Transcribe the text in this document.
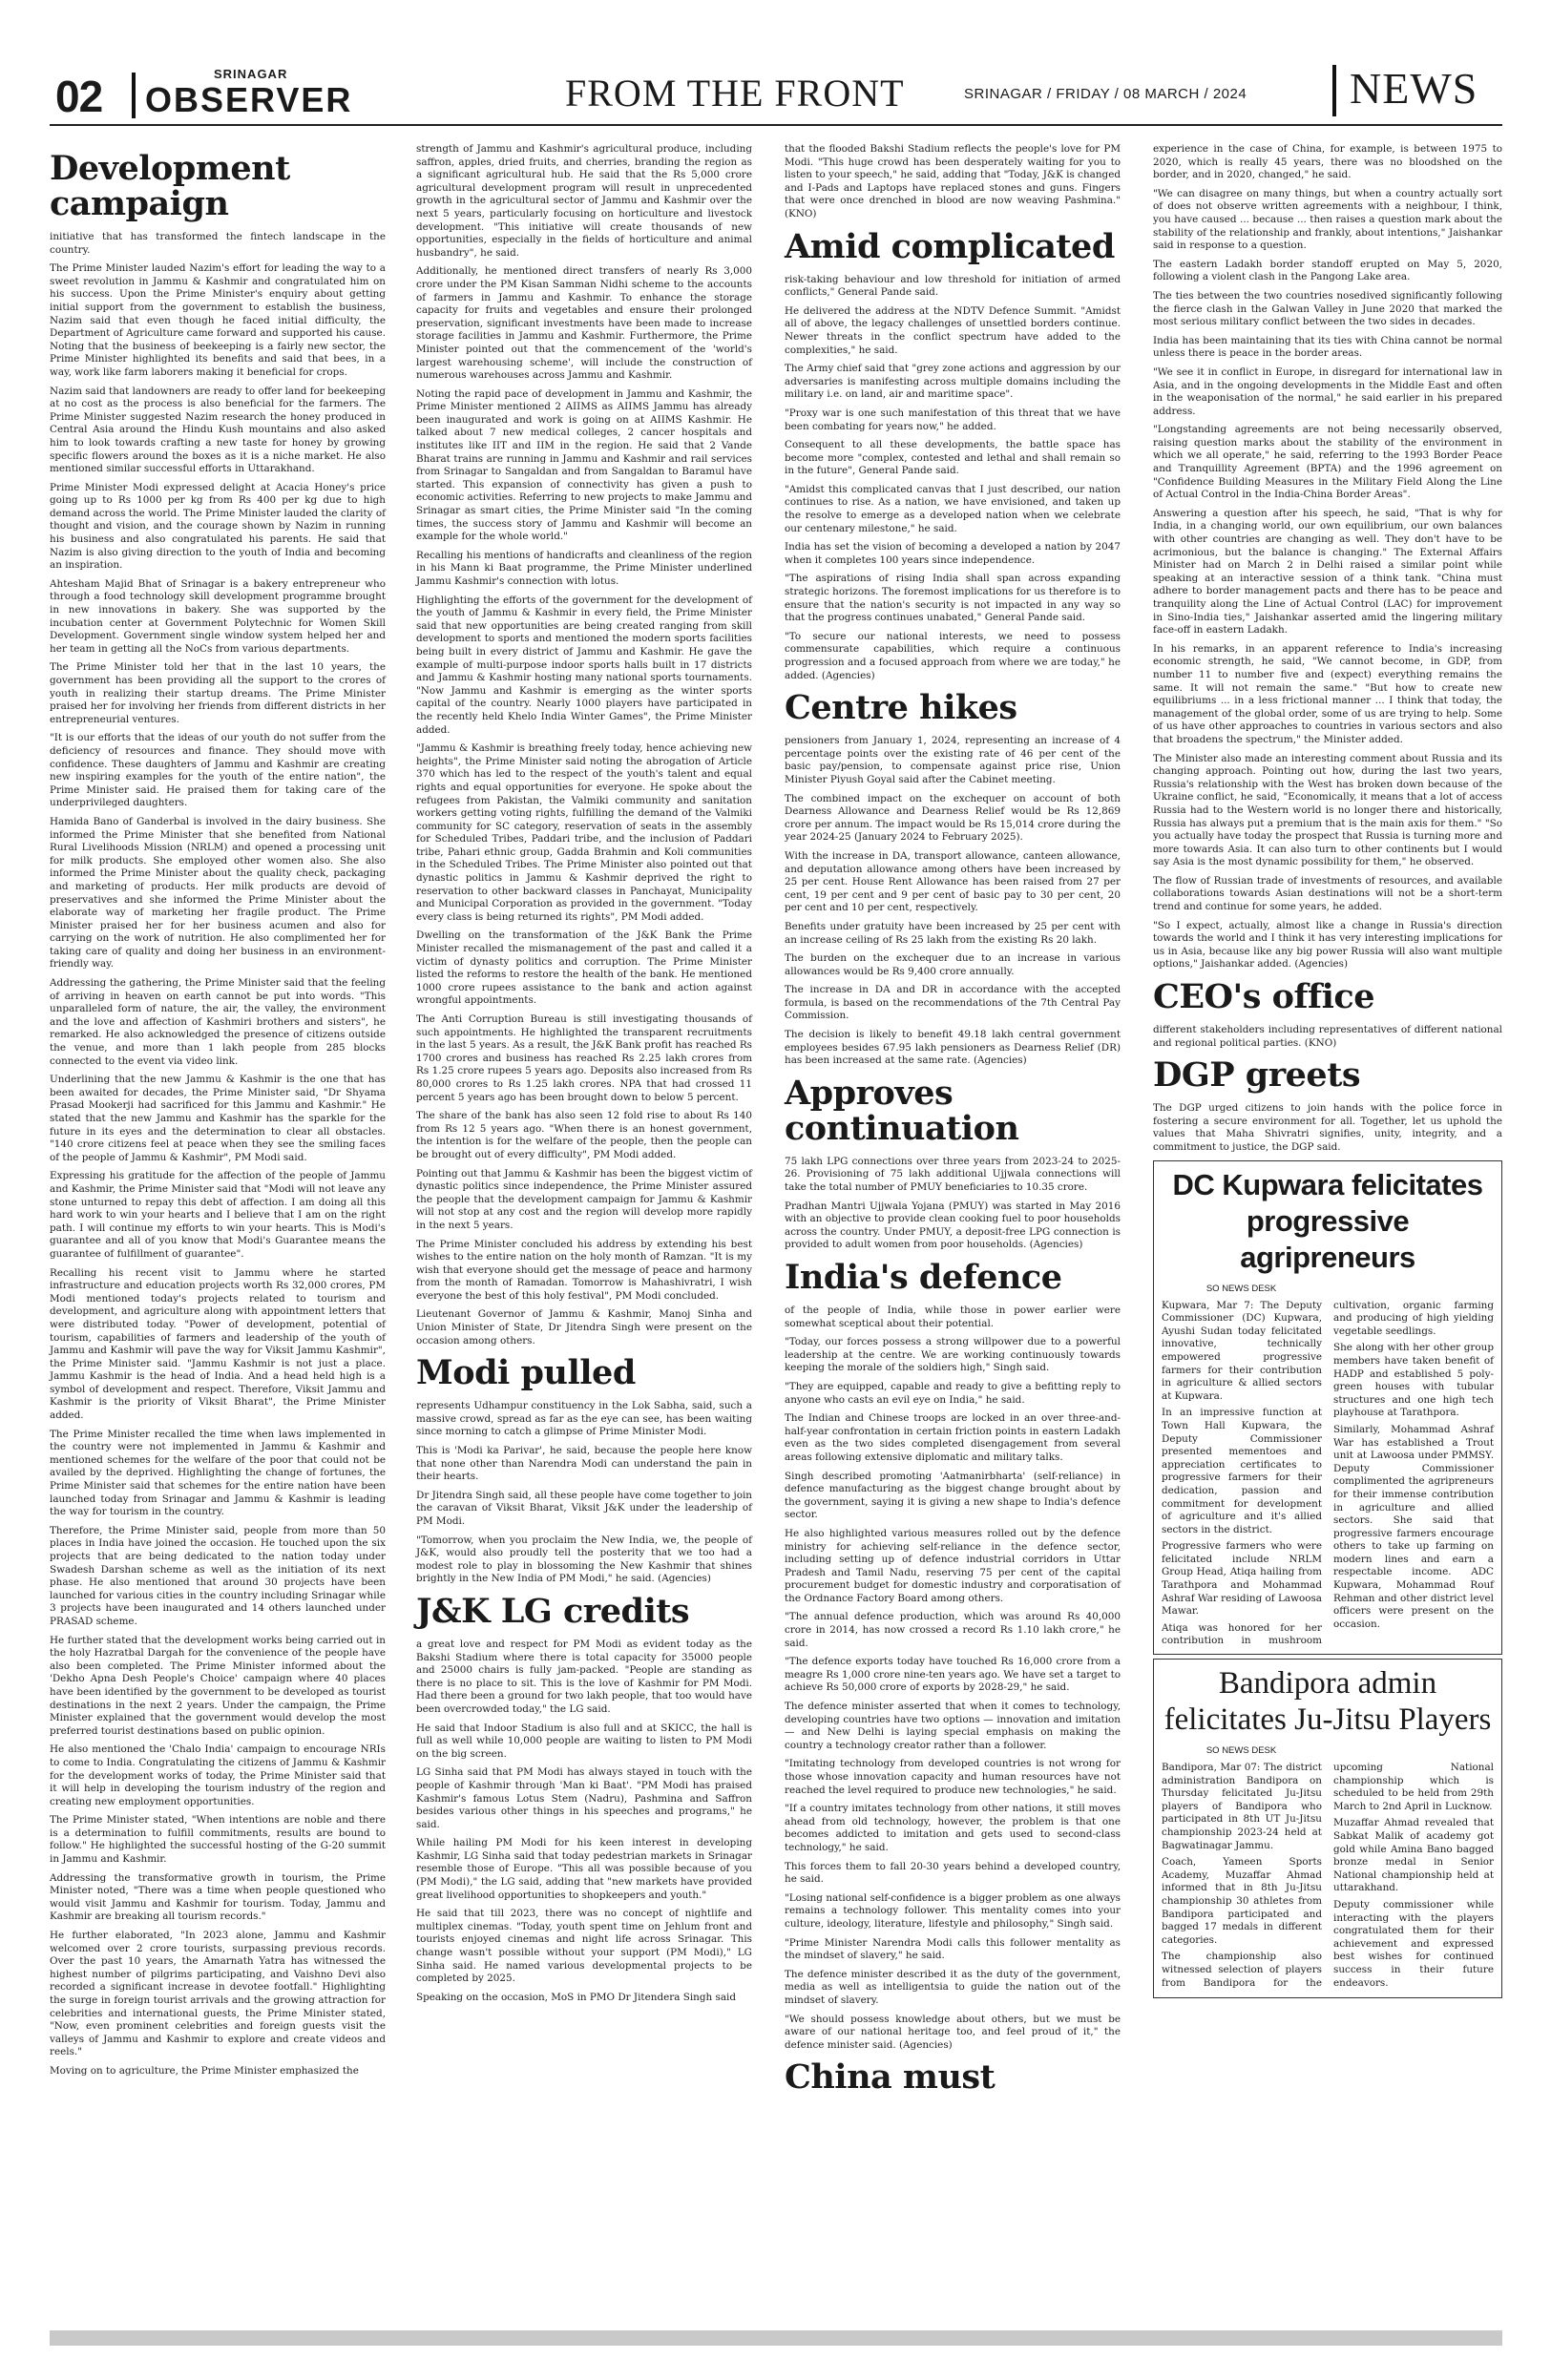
02	SRINAGAR
OBSERVER	FROM THE FRONT	SRINAGAR / FRIDAY / 08 MARCH / 2024 NEWS
Development campaign

initiative that has transformed the fintech landscape in the country.

The Prime Minister lauded Nazim's effort for leading the way to a sweet revolution in Jammu & Kashmir and congratulated him on his success. Upon the Prime Minister's enquiry about getting initial support from the government to establish the business, Nazim said that even though he faced initial difficulty, the Department of Agriculture came forward and supported his cause. Noting that the business of beekeeping is a fairly new sector, the Prime Minister highlighted its benefits and said that bees, in a way, work like farm laborers making it beneficial for crops.

Nazim said that landowners are ready to offer land for beekeeping at no cost as the process is also beneficial for the farmers. The Prime Minister suggested Nazim research the honey produced in Central Asia around the Hindu Kush mountains and also asked him to look towards crafting a new taste for honey by growing specific flowers around the boxes as it is a niche market. He also mentioned similar successful efforts in Uttarakhand.

Prime Minister Modi expressed delight at Acacia Honey's price going up to Rs 1000 per kg from Rs 400 per kg due to high demand across the world. The Prime Minister lauded the clarity of thought and vision, and the courage shown by Nazim in running his business and also congratulated his parents. He said that Nazim is also giving direction to the youth of India and becoming an inspiration.

Ahtesham Majid Bhat of Srinagar is a bakery entrepreneur who through a food technology skill development programme brought in new innovations in bakery. She was supported by the incubation center at Government Polytechnic for Women Skill Development. Government single window system helped her and her team in getting all the NoCs from various departments.

The Prime Minister told her that in the last 10 years, the government has been providing all the support to the crores of youth in realizing their startup dreams. The Prime Minister praised her for involving her friends from different districts in her entrepreneurial ventures.

"It is our efforts that the ideas of our youth do not suffer from the deficiency of resources and finance. They should move with confidence. These daughters of Jammu and Kashmir are creating new inspiring examples for the youth of the entire nation", the Prime Minister said. He praised them for taking care of the underprivileged daughters.

Hamida Bano of Ganderbal is involved in the dairy business. She informed the Prime Minister that she benefited from National Rural Livelihoods Mission (NRLM) and opened a processing unit for milk products. She employed other women also. She also informed the Prime Minister about the quality check, packaging and marketing of products. Her milk products are devoid of preservatives and she informed the Prime Minister about the elaborate way of marketing her fragile product. The Prime Minister praised her for her business acumen and also for carrying on the work of nutrition. He also complimented her for taking care of quality and doing her business in an environment-friendly way.

Addressing the gathering, the Prime Minister said that the feeling of arriving in heaven on earth cannot be put into words. "This unparalleled form of nature, the air, the valley, the environment and the love and affection of Kashmiri brothers and sisters", he remarked. He also acknowledged the presence of citizens outside the venue, and more than 1 lakh people from 285 blocks connected to the event via video link.

Underlining that the new Jammu & Kashmir is the one that has been awaited for decades, the Prime Minister said, "Dr Shyama Prasad Mookerji had sacrificed for this Jammu and Kashmir." He stated that the new Jammu and Kashmir has the sparkle for the future in its eyes and the determination to clear all obstacles. "140 crore citizens feel at peace when they see the smiling faces of the people of Jammu & Kashmir", PM Modi said.

Expressing his gratitude for the affection of the people of Jammu and Kashmir, the Prime Minister said that "Modi will not leave any stone unturned to repay this debt of affection. I am doing all this hard work to win your hearts and I believe that I am on the right path. I will continue my efforts to win your hearts. This is Modi's guarantee and all of you know that Modi's Guarantee means the guarantee of fulfillment of guarantee".

Recalling his recent visit to Jammu where he started infrastructure and education projects worth Rs 32,000 crores, PM Modi mentioned today's projects related to tourism and development, and agriculture along with appointment letters that were distributed today. "Power of development, potential of tourism, capabilities of farmers and leadership of the youth of Jammu and Kashmir will pave the way for Viksit Jammu Kashmir", the Prime Minister said. "Jammu Kashmir is not just a place. Jammu Kashmir is the head of India. And a head held high is a symbol of development and respect. Therefore, Viksit Jammu and Kashmir is the priority of Viksit Bharat", the Prime Minister added.

The Prime Minister recalled the time when laws implemented in the country were not implemented in Jammu & Kashmir and mentioned schemes for the welfare of the poor that could not be availed by the deprived. Highlighting the change of fortunes, the Prime Minister said that schemes for the entire nation have been launched today from Srinagar and Jammu & Kashmir is leading the way for tourism in the country.

Therefore, the Prime Minister said, people from more than 50 places in India have joined the occasion. He touched upon the six projects that are being dedicated to the nation today under Swadesh Darshan scheme as well as the initiation of its next phase. He also mentioned that around 30 projects have been launched for various cities in the country including Srinagar while 3 projects have been inaugurated and 14 others launched under PRASAD scheme.

He further stated that the development works being carried out in the holy Hazratbal Dargah for the convenience of the people have also been completed. The Prime Minister informed about the 'Dekho Apna Desh People's Choice' campaign where 40 places have been identified by the government to be developed as tourist destinations in the next 2 years. Under the campaign, the Prime Minister explained that the government would develop the most preferred tourist destinations based on public opinion.

He also mentioned the 'Chalo India' campaign to encourage NRIs to come to India. Congratulating the citizens of Jammu & Kashmir for the development works of today, the Prime Minister said that it will help in developing the tourism industry of the region and creating new employment opportunities.

The Prime Minister stated, "When intentions are noble and there is a determination to fulfill commitments, results are bound to follow." He highlighted the successful hosting of the G-20 summit in Jammu and Kashmir.

Addressing the transformative growth in tourism, the Prime Minister noted, "There was a time when people questioned who would visit Jammu and Kashmir for tourism. Today, Jammu and Kashmir are breaking all tourism records."

He further elaborated, "In 2023 alone, Jammu and Kashmir welcomed over 2 crore tourists, surpassing previous records. Over the past 10 years, the Amarnath Yatra has witnessed the highest number of pilgrims participating, and Vaishno Devi also recorded a significant increase in devotee footfall." Highlighting the surge in foreign tourist arrivals and the growing attraction for celebrities and international guests, the Prime Minister stated, "Now, even prominent celebrities and foreign guests visit the valleys of Jammu and Kashmir to explore and create videos and reels."

Moving on to agriculture, the Prime Minister emphasized the

strength of Jammu and Kashmir's agricultural produce, including saffron, apples, dried fruits, and cherries, branding the region as a significant agricultural hub. He said that the Rs 5,000 crore agricultural development program will result in unprecedented growth in the agricultural sector of Jammu and Kashmir over the next 5 years, particularly focusing on horticulture and livestock development. "This initiative will create thousands of new opportunities, especially in the fields of horticulture and animal husbandry", he said.

Additionally, he mentioned direct transfers of nearly Rs 3,000 crore under the PM Kisan Samman Nidhi scheme to the accounts of farmers in Jammu and Kashmir. To enhance the storage capacity for fruits and vegetables and ensure their prolonged preservation, significant investments have been made to increase storage facilities in Jammu and Kashmir. Furthermore, the Prime Minister pointed out that the commencement of the 'world's largest warehousing scheme', will include the construction of numerous warehouses across Jammu and Kashmir.

Noting the rapid pace of development in Jammu and Kashmir, the Prime Minister mentioned 2 AIIMS as AIIMS Jammu has already been inaugurated and work is going on at AIIMS Kashmir. He talked about 7 new medical colleges, 2 cancer hospitals and institutes like IIT and IIM in the region. He said that 2 Vande Bharat trains are running in Jammu and Kashmir and rail services from Srinagar to Sangaldan and from Sangaldan to Baramul have started. This expansion of connectivity has given a push to economic activities. Referring to new projects to make Jammu and Srinagar as smart cities, the Prime Minister said "In the coming times, the success story of Jammu and Kashmir will become an example for the whole world."

Recalling his mentions of handicrafts and cleanliness of the region in his Mann ki Baat programme, the Prime Minister underlined Jammu Kashmir's connection with lotus.

Highlighting the efforts of the government for the development of the youth of Jammu & Kashmir in every field, the Prime Minister said that new opportunities are being created ranging from skill development to sports and mentioned the modern sports facilities being built in every district of Jammu and Kashmir. He gave the example of multi-purpose indoor sports halls built in 17 districts and Jammu & Kashmir hosting many national sports tournaments. "Now Jammu and Kashmir is emerging as the winter sports capital of the country. Nearly 1000 players have participated in the recently held Khelo India Winter Games", the Prime Minister added.

"Jammu & Kashmir is breathing freely today, hence achieving new heights", the Prime Minister said noting the abrogation of Article 370 which has led to the respect of the youth's talent and equal rights and equal opportunities for everyone. He spoke about the refugees from Pakistan, the Valmiki community and sanitation workers getting voting rights, fulfilling the demand of the Valmiki community for SC category, reservation of seats in the assembly for Scheduled Tribes, Paddari tribe, and the inclusion of Paddari tribe, Pahari ethnic group, Gadda Brahmin and Koli communities in the Scheduled Tribes. The Prime Minister also pointed out that dynastic politics in Jammu & Kashmir deprived the right to reservation to other backward classes in Panchayat, Municipality and Municipal Corporation as provided in the government. "Today every class is being returned its rights", PM Modi added.

Dwelling on the transformation of the J&K Bank the Prime Minister recalled the mismanagement of the past and called it a victim of dynasty politics and corruption. The Prime Minister listed the reforms to restore the health of the bank. He mentioned 1000 crore rupees assistance to the bank and action against wrongful appointments.

The Anti Corruption Bureau is still investigating thousands of such appointments. He highlighted the transparent recruitments in the last 5 years. As a result, the J&K Bank profit has reached Rs 1700 crores and business has reached Rs 2.25 lakh crores from Rs 1.25 crore rupees 5 years ago. Deposits also increased from Rs 80,000 crores to Rs 1.25 lakh crores. NPA that had crossed 11 percent 5 years ago has been brought down to below 5 percent.

The share of the bank has also seen 12 fold rise to about Rs 140 from Rs 12 5 years ago. "When there is an honest government, the intention is for the welfare of the people, then the people can be brought out of every difficulty", PM Modi added.

Pointing out that Jammu & Kashmir has been the biggest victim of dynastic politics since independence, the Prime Minister assured the people that the development campaign for Jammu & Kashmir will not stop at any cost and the region will develop more rapidly in the next 5 years.

The Prime Minister concluded his address by extending his best wishes to the entire nation on the holy month of Ramzan. "It is my wish that everyone should get the message of peace and harmony from the month of Ramadan. Tomorrow is Mahashivratri, I wish everyone the best of this holy festival", PM Modi concluded.

Lieutenant Governor of Jammu & Kashmir, Manoj Sinha and Union Minister of State, Dr Jitendra Singh were present on the occasion among others.

Modi pulled

represents Udhampur constituency in the Lok Sabha, said, such a massive crowd, spread as far as the eye can see, has been waiting since morning to catch a glimpse of Prime Minister Modi.

This is 'Modi ka Parivar', he said, because the people here know that none other than Narendra Modi can understand the pain in their hearts.

Dr Jitendra Singh said, all these people have come together to join the caravan of Viksit Bharat, Viksit J&K under the leadership of PM Modi.

"Tomorrow, when you proclaim the New India, we, the people of J&K, would also proudly tell the posterity that we too had a modest role to play in blossoming the New Kashmir that shines brightly in the New India of PM Modi," he said. (Agencies)

J&K LG credits

a great love and respect for PM Modi as evident today as the Bakshi Stadium where there is total capacity for 35000 people and 25000 chairs is fully jam-packed. "People are standing as there is no place to sit. This is the love of Kashmir for PM Modi. Had there been a ground for two lakh people, that too would have been overcrowded today," the LG said.

He said that Indoor Stadium is also full and at SKICC, the hall is full as well while 10,000 people are waiting to listen to PM Modi on the big screen.

LG Sinha said that PM Modi has always stayed in touch with the people of Kashmir through 'Man ki Baat'. "PM Modi has praised Kashmir's famous Lotus Stem (Nadru), Pashmina and Saffron besides various other things in his speeches and programs," he said.

While hailing PM Modi for his keen interest in developing Kashmir, LG Sinha said that today pedestrian markets in Srinagar resemble those of Europe. "This all was possible because of you (PM Modi)," the LG said, adding that "new markets have provided great livelihood opportunities to shopkeepers and youth."

He said that till 2023, there was no concept of nightlife and multiplex cinemas. "Today, youth spent time on Jehlum front and tourists enjoyed cinemas and night life across Srinagar. This change wasn't possible without your support (PM Modi)," LG Sinha said. He named various developmental projects to be completed by 2025.

Speaking on the occasion, MoS in PMO Dr Jitendera Singh said

that the flooded Bakshi Stadium reflects the people's love for PM Modi. "This huge crowd has been desperately waiting for you to listen to your speech," he said, adding that "Today, J&K is changed and I-Pads and Laptops have replaced stones and guns. Fingers that were once drenched in blood are now weaving Pashmina." (KNO)

Amid complicated

risk-taking behaviour and low threshold for initiation of armed conflicts," General Pande said.

He delivered the address at the NDTV Defence Summit. "Amidst all of above, the legacy challenges of unsettled borders continue. Newer threats in the conflict spectrum have added to the complexities," he said.

The Army chief said that "grey zone actions and aggression by our adversaries is manifesting across multiple domains including the military i.e. on land, air and maritime space".

"Proxy war is one such manifestation of this threat that we have been combating for years now," he added.

Consequent to all these developments, the battle space has become more "complex, contested and lethal and shall remain so in the future", General Pande said.

"Amidst this complicated canvas that I just described, our nation continues to rise. As a nation, we have envisioned, and taken up the resolve to emerge as a developed nation when we celebrate our centenary milestone," he said.

India has set the vision of becoming a developed a nation by 2047 when it completes 100 years since independence.

"The aspirations of rising India shall span across expanding strategic horizons. The foremost implications for us therefore is to ensure that the nation's security is not impacted in any way so that the progress continues unabated," General Pande said.

"To secure our national interests, we need to possess commensurate capabilities, which require a continuous progression and a focused approach from where we are today," he added. (Agencies)

Centre hikes

pensioners from January 1, 2024, representing an increase of 4 percentage points over the existing rate of 46 per cent of the basic pay/pension, to compensate against price rise, Union Minister Piyush Goyal said after the Cabinet meeting.

The combined impact on the exchequer on account of both Dearness Allowance and Dearness Relief would be Rs 12,869 crore per annum. The impact would be Rs 15,014 crore during the year 2024-25 (January 2024 to February 2025).

With the increase in DA, transport allowance, canteen allowance, and deputation allowance among others have been increased by 25 per cent. House Rent Allowance has been raised from 27 per cent, 19 per cent and 9 per cent of basic pay to 30 per cent, 20 per cent and 10 per cent, respectively.

Benefits under gratuity have been increased by 25 per cent with an increase ceiling of Rs 25 lakh from the existing Rs 20 lakh.

The burden on the exchequer due to an increase in various allowances would be Rs 9,400 crore annually.

The increase in DA and DR in accordance with the accepted formula, is based on the recommendations of the 7th Central Pay Commission.

The decision is likely to benefit 49.18 lakh central government employees besides 67.95 lakh pensioners as Dearness Relief (DR) has been increased at the same rate. (Agencies)

Approves continuation

75 lakh LPG connections over three years from 2023-24 to 2025-26. Provisioning of 75 lakh additional Ujjwala connections will take the total number of PMUY beneficiaries to 10.35 crore.

Pradhan Mantri Ujjwala Yojana (PMUY) was started in May 2016 with an objective to provide clean cooking fuel to poor households across the country. Under PMUY, a deposit-free LPG connection is provided to adult women from poor households. (Agencies)

India's defence

of the people of India, while those in power earlier were somewhat sceptical about their potential.

"Today, our forces possess a strong willpower due to a powerful leadership at the centre. We are working continuously towards keeping the morale of the soldiers high," Singh said.

"They are equipped, capable and ready to give a befitting reply to anyone who casts an evil eye on India," he said.

The Indian and Chinese troops are locked in an over three-and-half-year confrontation in certain friction points in eastern Ladakh even as the two sides completed disengagement from several areas following extensive diplomatic and military talks.

Singh described promoting 'Aatmanirbharta' (self-reliance) in defence manufacturing as the biggest change brought about by the government, saying it is giving a new shape to India's defence sector.

He also highlighted various measures rolled out by the defence ministry for achieving self-reliance in the defence sector, including setting up of defence industrial corridors in Uttar Pradesh and Tamil Nadu, reserving 75 per cent of the capital procurement budget for domestic industry and corporatisation of the Ordnance Factory Board among others.

"The annual defence production, which was around Rs 40,000 crore in 2014, has now crossed a record Rs 1.10 lakh crore," he said.

"The defence exports today have touched Rs 16,000 crore from a meagre Rs 1,000 crore nine-ten years ago. We have set a target to achieve Rs 50,000 crore of exports by 2028-29," he said.

The defence minister asserted that when it comes to technology, developing countries have two options — innovation and imitation — and New Delhi is laying special emphasis on making the country a technology creator rather than a follower.

"Imitating technology from developed countries is not wrong for those whose innovation capacity and human resources have not reached the level required to produce new technologies," he said.

"If a country imitates technology from other nations, it still moves ahead from old technology, however, the problem is that one becomes addicted to imitation and gets used to second-class technology," he said.

This forces them to fall 20-30 years behind a developed country, he said.

"Losing national self-confidence is a bigger problem as one always remains a technology follower. This mentality comes into your culture, ideology, literature, lifestyle and philosophy," Singh said.

"Prime Minister Narendra Modi calls this follower mentality as the mindset of slavery," he said.

The defence minister described it as the duty of the government, media as well as intelligentsia to guide the nation out of the mindset of slavery.

"We should possess knowledge about others, but we must be aware of our national heritage too, and feel proud of it," the defence minister said. (Agencies)

China must

experience in the case of China, for example, is between 1975 to 2020, which is really 45 years, there was no bloodshed on the border, and in 2020, changed," he said.

"We can disagree on many things, but when a country actually sort of does not observe written agreements with a neighbour, I think, you have caused ... because ... then raises a question mark about the stability of the relationship and frankly, about intentions," Jaishankar said in response to a question.

The eastern Ladakh border standoff erupted on May 5, 2020, following a violent clash in the Pangong Lake area.

The ties between the two countries nosedived significantly following the fierce clash in the Galwan Valley in June 2020 that marked the most serious military conflict between the two sides in decades.

India has been maintaining that its ties with China cannot be normal unless there is peace in the border areas.

"We see it in conflict in Europe, in disregard for international law in Asia, and in the ongoing developments in the Middle East and often in the weaponisation of the normal," he said earlier in his prepared address.

"Longstanding agreements are not being necessarily observed, raising question marks about the stability of the environment in which we all operate," he said, referring to the 1993 Border Peace and Tranquillity Agreement (BPTA) and the 1996 agreement on "Confidence Building Measures in the Military Field Along the Line of Actual Control in the India-China Border Areas".

Answering a question after his speech, he said, "That is why for India, in a changing world, our own equilibrium, our own balances with other countries are changing as well. They don't have to be acrimonious, but the balance is changing." The External Affairs Minister had on March 2 in Delhi raised a similar point while speaking at an interactive session of a think tank. "China must adhere to border management pacts and there has to be peace and tranquility along the Line of Actual Control (LAC) for improvement in Sino-India ties," Jaishankar asserted amid the lingering military face-off in eastern Ladakh.

In his remarks, in an apparent reference to India's increasing economic strength, he said, "We cannot become, in GDP, from number 11 to number five and (expect) everything remains the same. It will not remain the same." "But how to create new equilibriums ... in a less frictional manner ... I think that today, the management of the global order, some of us are trying to help. Some of us have other approaches to countries in various sectors and also that broadens the spectrum," the Minister added.

The Minister also made an interesting comment about Russia and its changing approach. Pointing out how, during the last two years, Russia's relationship with the West has broken down because of the Ukraine conflict, he said, "Economically, it means that a lot of access Russia had to the Western world is no longer there and historically, Russia has always put a premium that is the main axis for them." "So you actually have today the prospect that Russia is turning more and more towards Asia. It can also turn to other continents but I would say Asia is the most dynamic possibility for them," he observed.

The flow of Russian trade of investments of resources, and available collaborations towards Asian destinations will not be a short-term trend and continue for some years, he added.

"So I expect, actually, almost like a change in Russia's direction towards the world and I think it has very interesting implications for us in Asia, because like any big power Russia will also want multiple options," Jaishankar added. (Agencies)

CEO's office

different stakeholders including representatives of different national and regional political parties. (KNO)

DGP greets

The DGP urged citizens to join hands with the police force in fostering a secure environment for all. Together, let us uphold the values that Maha Shivratri signifies, unity, integrity, and a commitment to justice, the DGP said.

DC Kupwara felicitates progressive agripreneurs
SO NEWS DESK

Kupwara, Mar 7: The Deputy Commissioner (DC) Kupwara, Ayushi Sudan today felicitated innovative, technically empowered progressive farmers for their contribution in agriculture & allied sectors at Kupwara.

In an impressive function at Town Hall Kupwara, the Deputy Commissioner presented mementoes and appreciation certificates to progressive farmers for their dedication, passion and commitment for development of agriculture and it's allied sectors in the district.

Progressive farmers who were felicitated include NRLM Group Head, Atiqa hailing from Tarathpora and Mohammad Ashraf War residing of Lawoosa Mawar.

Atiqa was honored for her contribution in mushroom cultivation, organic farming and producing of high yielding vegetable seedlings.

She along with her other group members have taken benefit of HADP and established 5 poly-green houses with tubular structures and one high tech playhouse at Tarathpora.

Similarly, Mohammad Ashraf War has established a Trout unit at Lawoosa under PMMSY. Deputy Commissioner complimented the agripreneurs for their immense contribution in agriculture and allied sectors. She said that progressive farmers encourage others to take up farming on modern lines and earn a respectable income. ADC Kupwara, Mohammad Rouf Rehman and other district level officers were present on the occasion.

Bandipora admin felicitates Ju-Jitsu Players
SO NEWS DESK

Bandipora, Mar 07: The district administration Bandipora on Thursday felicitated Ju-Jitsu players of Bandipora who participated in 8th UT Ju-Jitsu championship 2023-24 held at Bagwatinagar Jammu.

Coach, Yameen Sports Academy, Muzaffar Ahmad informed that in 8th Ju-Jitsu championship 30 athletes from Bandipora participated and bagged 17 medals in different categories.

The championship also witnessed selection of players from Bandipora for the upcoming National championship which is scheduled to be held from 29th March to 2nd April in Lucknow.

Muzaffar Ahmad revealed that Sabkat Malik of academy got gold while Amina Bano bagged bronze medal in Senior National championship held at uttarakhand.

Deputy commissioner while interacting with the players congratulated them for their achievement and expressed best wishes for continued success in their future endeavors.
